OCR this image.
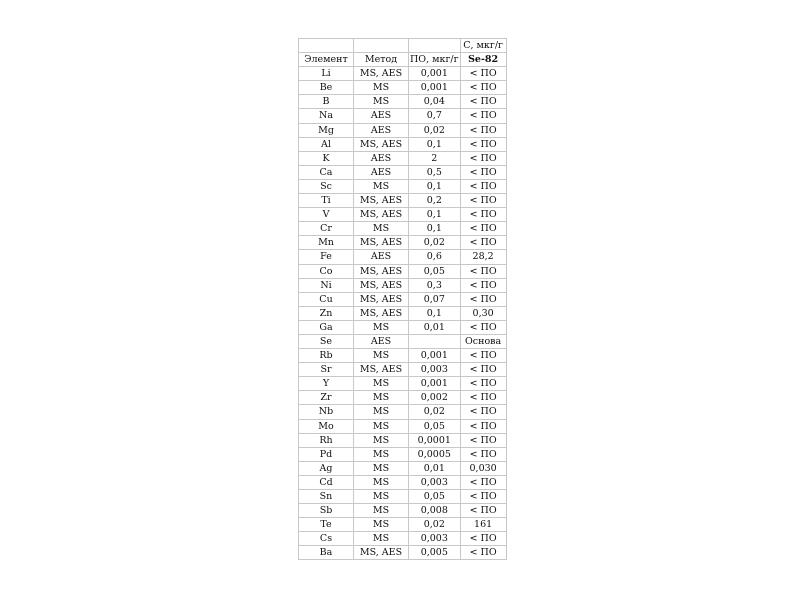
			С, мкг/г
Элемент	Метод	ПО, мкг/г	Se-82
Li	MS, AES	0,001	< ПО
Be	MS	0,001	< ПО
B	MS	0,04	< ПО
Na	AES	0,7	< ПО
Mg	AES	0,02	< ПО
Al	MS, AES	0,1	< ПО
K	AES	2	< ПО
Ca	AES	0,5	< ПО
Sc	MS	0,1	< ПО
Ti	MS, AES	0,2	< ПО
V	MS, AES	0,1	< ПО
Cr	MS	0,1	< ПО
Mn	MS, AES	0,02	< ПО
Fe	AES	0,6	28,2
Co	MS, AES	0,05	< ПО
Ni	MS, AES	0,3	< ПО
Cu	MS, AES	0,07	< ПО
Zn	MS, AES	0,1	0,30
Ga	MS	0,01	< ПО
Se	AES		Основа
Rb	MS	0,001	< ПО
Sr	MS, AES	0,003	< ПО
Y	MS	0,001	< ПО
Zr	MS	0,002	< ПО
Nb	MS	0,02	< ПО
Mo	MS	0,05	< ПО
Rh	MS	0,0001	< ПО
Pd	MS	0,0005	< ПО
Ag	MS	0,01	0,030
Cd	MS	0,003	< ПО
Sn	MS	0,05	< ПО
Sb	MS	0,008	< ПО
Te	MS	0,02	161
Cs	MS	0,003	< ПО
Ba	MS, AES	0,005	< ПО
